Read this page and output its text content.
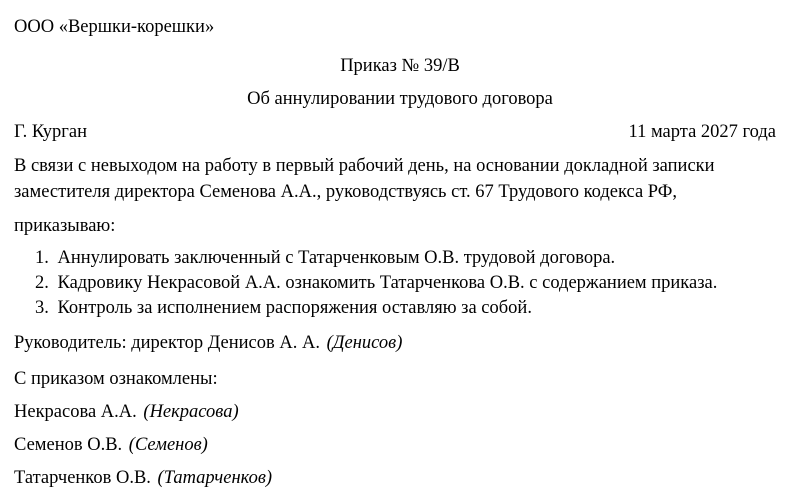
ООО «Вершки-корешки»
Приказ № 39/В
Об аннулировании трудового договора
Г. Курган	11 марта 2027 года
В связи с невыходом на работу в первый рабочий день, на основании докладной записки
заместителя директора Семенова А.А., руководствуясь ст. 67 Трудового кодекса РФ,
приказываю:
1. Аннулировать заключенный с Татарченковым О.В. трудовой договора.
2. Кадровику Некрасовой А.А. ознакомить Татарченкова О.В. с содержанием приказа.
3. Контроль за исполнением распоряжения оставляю за собой.
Руководитель: директор Денисов А. А. (Денисов)
С приказом ознакомлены:
Некрасова А.А. (Некрасова)
Семенов О.В. (Семенов)
Татарченков О.В. (Татарченков)
